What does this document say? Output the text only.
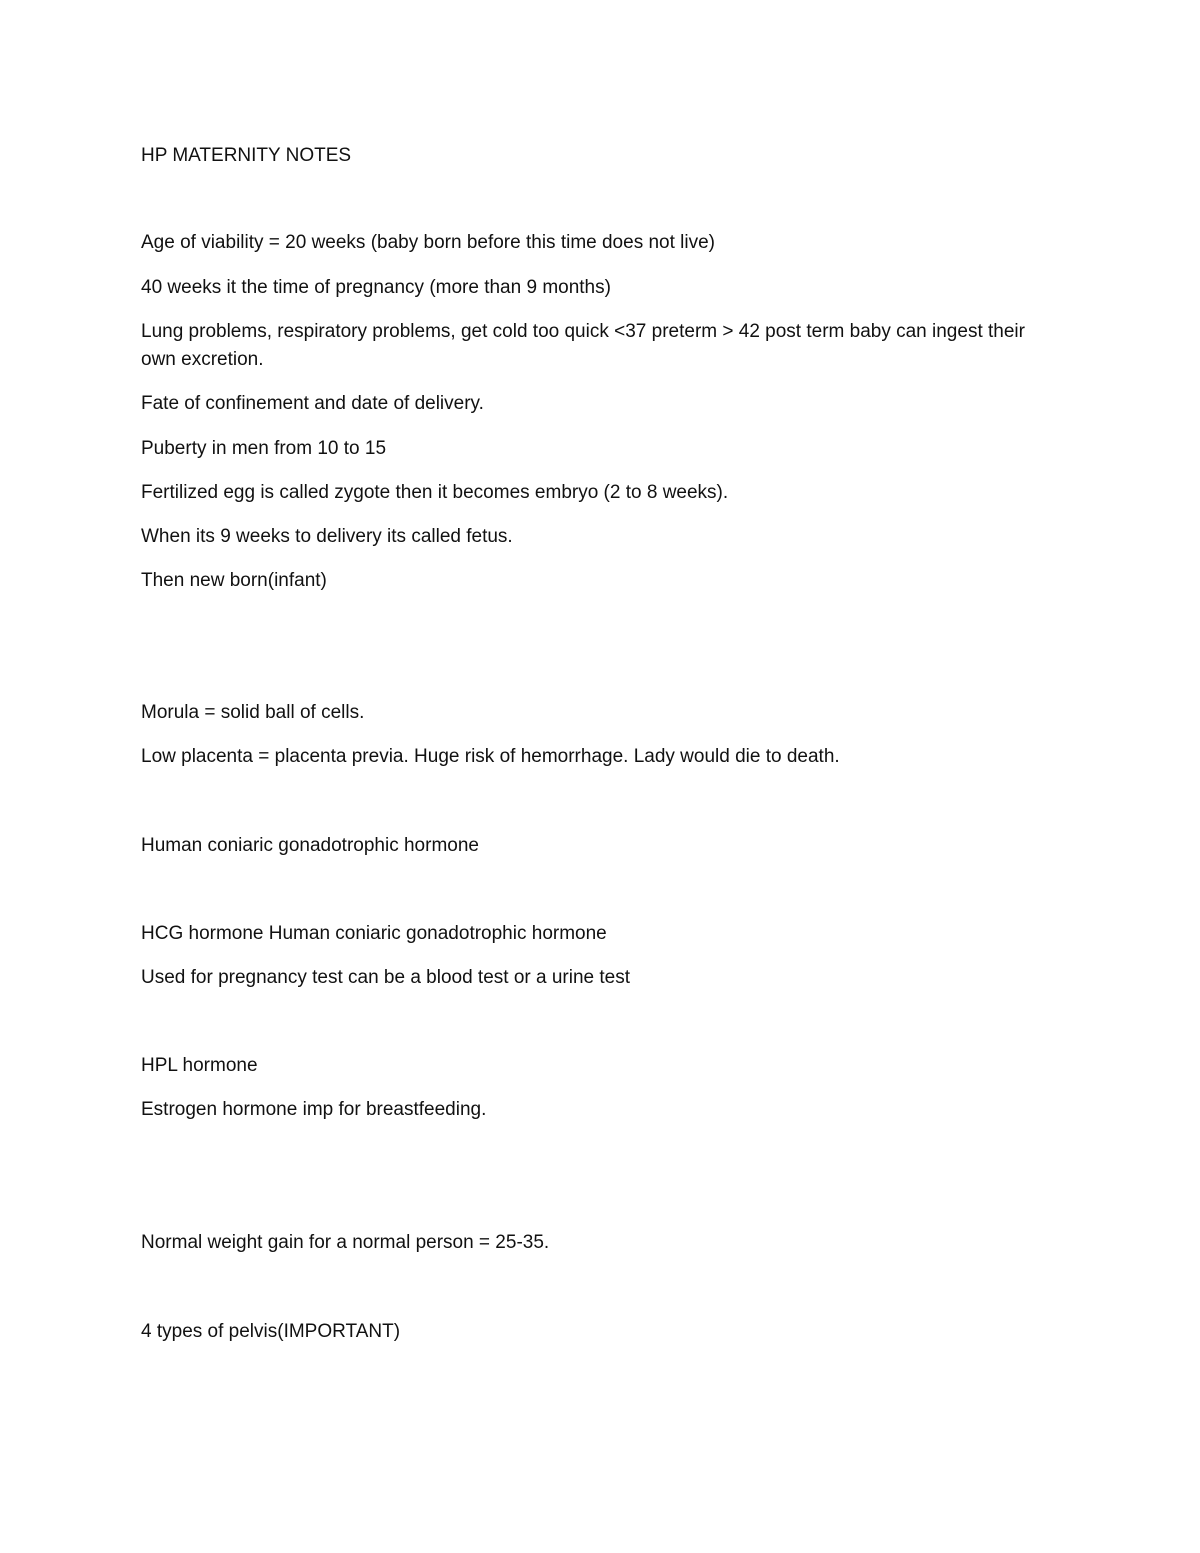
HP MATERNITY NOTES
Age of viability = 20 weeks (baby born before this time does not live)
40 weeks it the time of pregnancy (more than 9 months)
Lung problems, respiratory problems, get cold too quick <37 preterm > 42 post term baby can ingest their own excretion.
Fate of confinement and date of delivery.
Puberty in men from 10 to 15
Fertilized egg is called zygote then it becomes embryo (2 to 8 weeks).
When its 9 weeks to delivery its called fetus.
Then new born(infant)
Morula = solid ball of cells.
Low placenta = placenta previa. Huge risk of hemorrhage. Lady would die to death.
Human coniaric gonadotrophic hormone
HCG hormone Human coniaric gonadotrophic hormone
Used for pregnancy test can be a blood test or a urine test
HPL hormone
Estrogen hormone imp for breastfeeding.
Normal weight gain for a normal person = 25-35.
4 types of pelvis(IMPORTANT)
